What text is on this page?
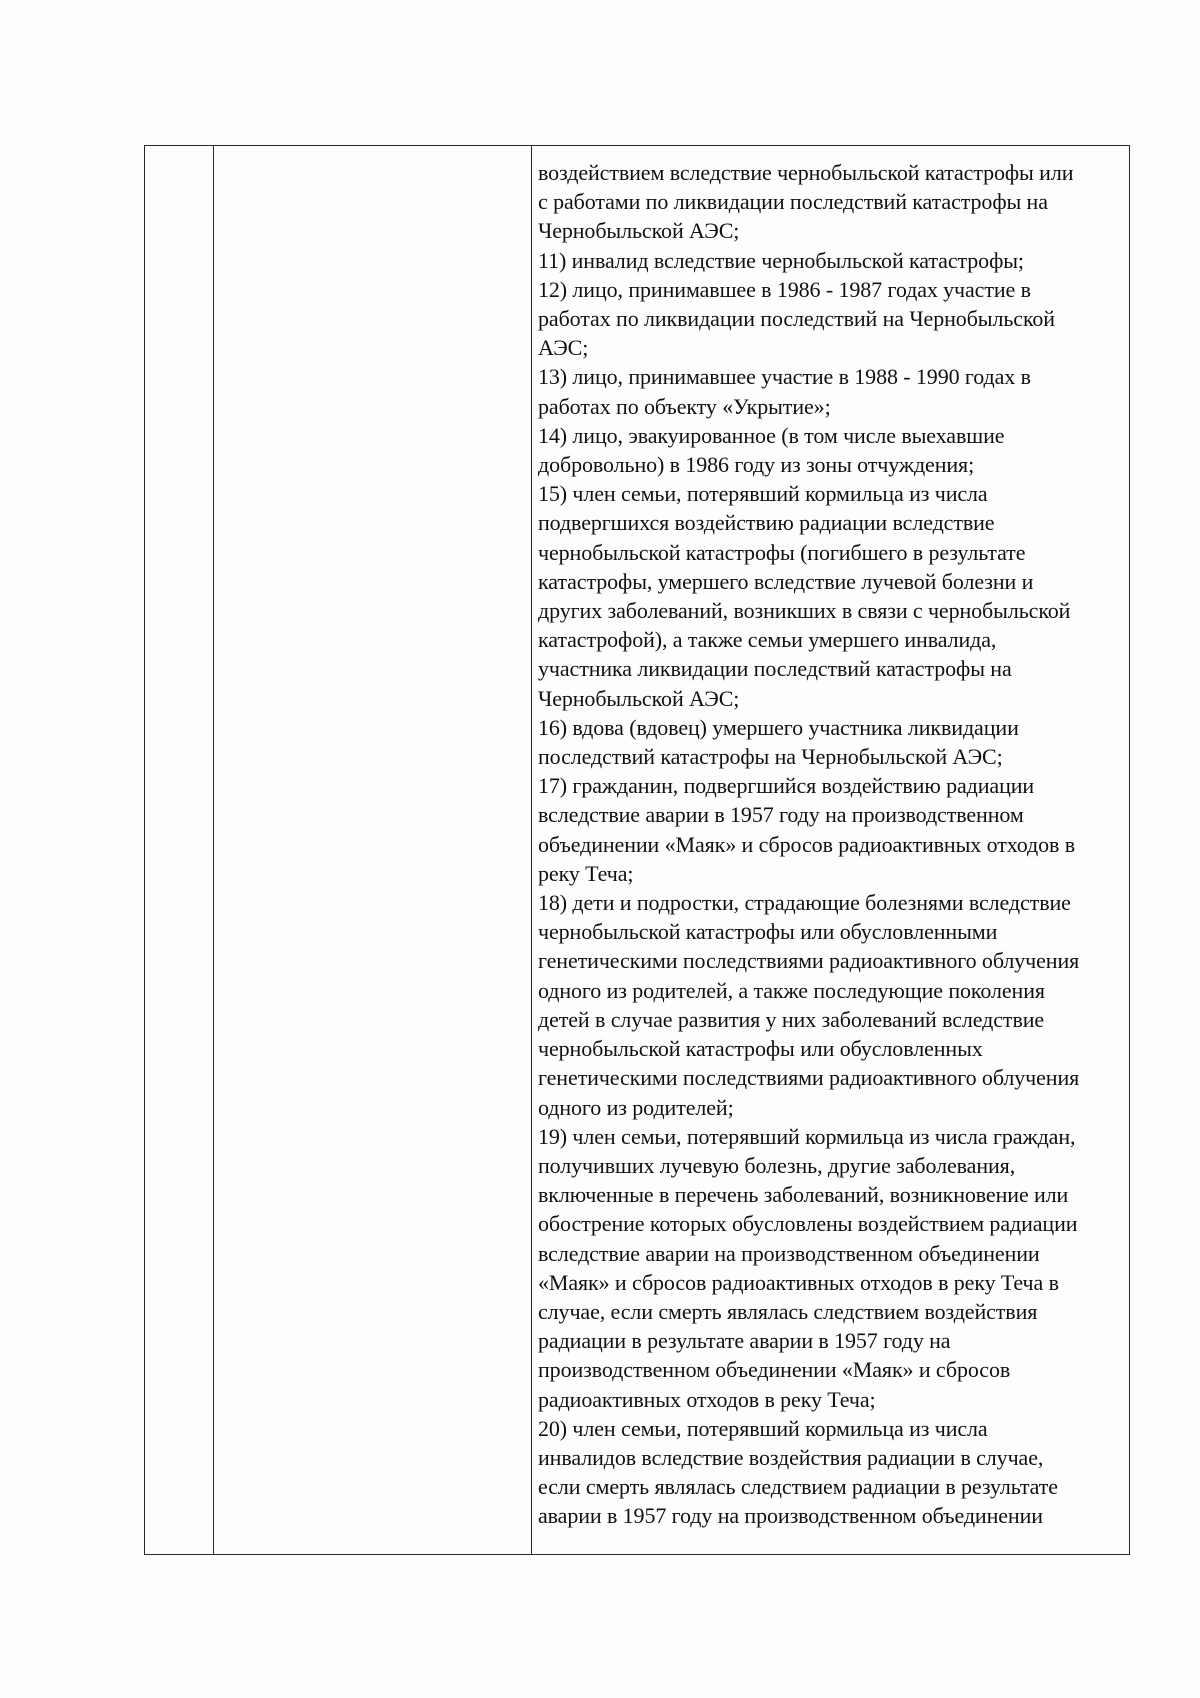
воздействием вследствие чернобыльской катастрофы или
с работами по ликвидации последствий катастрофы на
Чернобыльской АЭС;
11) инвалид вследствие чернобыльской катастрофы;
12) лицо, принимавшее в 1986 - 1987 годах участие в
работах по ликвидации последствий на Чернобыльской
АЭС;
13) лицо, принимавшее участие в 1988 - 1990 годах в
работах по объекту «Укрытие»;
14) лицо, эвакуированное (в том числе выехавшие
добровольно) в 1986 году из зоны отчуждения;
15) член семьи, потерявший кормильца из числа
подвергшихся воздействию радиации вследствие
чернобыльской катастрофы (погибшего в результате
катастрофы, умершего вследствие лучевой болезни и
других заболеваний, возникших в связи с чернобыльской
катастрофой), а также семьи умершего инвалида,
участника ликвидации последствий катастрофы на
Чернобыльской АЭС;
16) вдова (вдовец) умершего участника ликвидации
последствий катастрофы на Чернобыльской АЭС;
17) гражданин, подвергшийся воздействию радиации
вследствие аварии в 1957 году на производственном
объединении «Маяк» и сбросов радиоактивных отходов в
реку Теча;
18) дети и подростки, страдающие болезнями вследствие
чернобыльской катастрофы или обусловленными
генетическими последствиями радиоактивного облучения
одного из родителей, а также последующие поколения
детей в случае развития у них заболеваний вследствие
чернобыльской катастрофы или обусловленных
генетическими последствиями радиоактивного облучения
одного из родителей;
19) член семьи, потерявший кормильца из числа граждан,
получивших лучевую болезнь, другие заболевания,
включенные в перечень заболеваний, возникновение или
обострение которых обусловлены воздействием радиации
вследствие аварии на производственном объединении
«Маяк» и сбросов радиоактивных отходов в реку Теча в
случае, если смерть являлась следствием воздействия
радиации в результате аварии в 1957 году на
производственном объединении «Маяк» и сбросов
радиоактивных отходов в реку Теча;
20) член семьи, потерявший кормильца из числа
инвалидов вследствие воздействия радиации в случае,
если смерть являлась следствием радиации в результате
аварии в 1957 году на производственном объединении
